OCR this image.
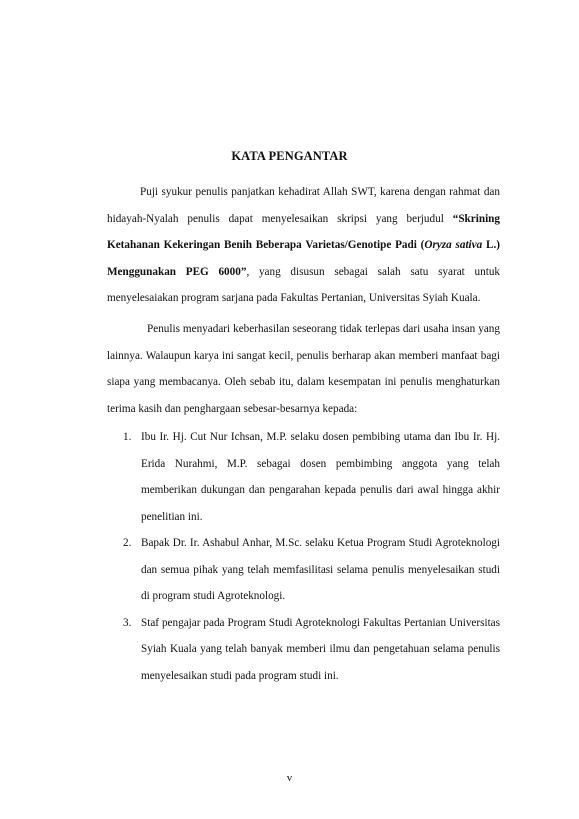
KATA PENGANTAR
Puji syukur penulis panjatkan kehadirat Allah SWT, karena dengan rahmat dan hidayah-Nyalah penulis dapat menyelesaikan skripsi yang berjudul “Skrining Ketahanan Kekeringan Benih Beberapa Varietas/Genotipe Padi (Oryza sativa L.) Menggunakan PEG 6000”, yang disusun sebagai salah satu syarat untuk menyelesaiakan program sarjana pada Fakultas Pertanian, Universitas Syiah Kuala.
Penulis menyadari keberhasilan seseorang tidak terlepas dari usaha insan yang lainnya. Walaupun karya ini sangat kecil, penulis berharap akan memberi manfaat bagi siapa yang membacanya. Oleh sebab itu, dalam kesempatan ini penulis menghaturkan terima kasih dan penghargaan sebesar-besarnya kepada:
1. Ibu Ir. Hj. Cut Nur Ichsan, M.P. selaku dosen pembibing utama dan Ibu Ir. Hj. Erida Nurahmi, M.P. sebagai dosen pembimbing anggota yang telah memberikan dukungan dan pengarahan kepada penulis dari awal hingga akhir penelitian ini.
2. Bapak Dr. Ir. Ashabul Anhar, M.Sc. selaku Ketua Program Studi Agroteknologi dan semua pihak yang telah memfasilitasi selama penulis menyelesaikan studi di program studi Agroteknologi.
3. Staf pengajar pada Program Studi Agroteknologi Fakultas Pertanian Universitas Syiah Kuala yang telah banyak memberi ilmu dan pengetahuan selama penulis menyelesaikan studi pada program studi ini.
v
